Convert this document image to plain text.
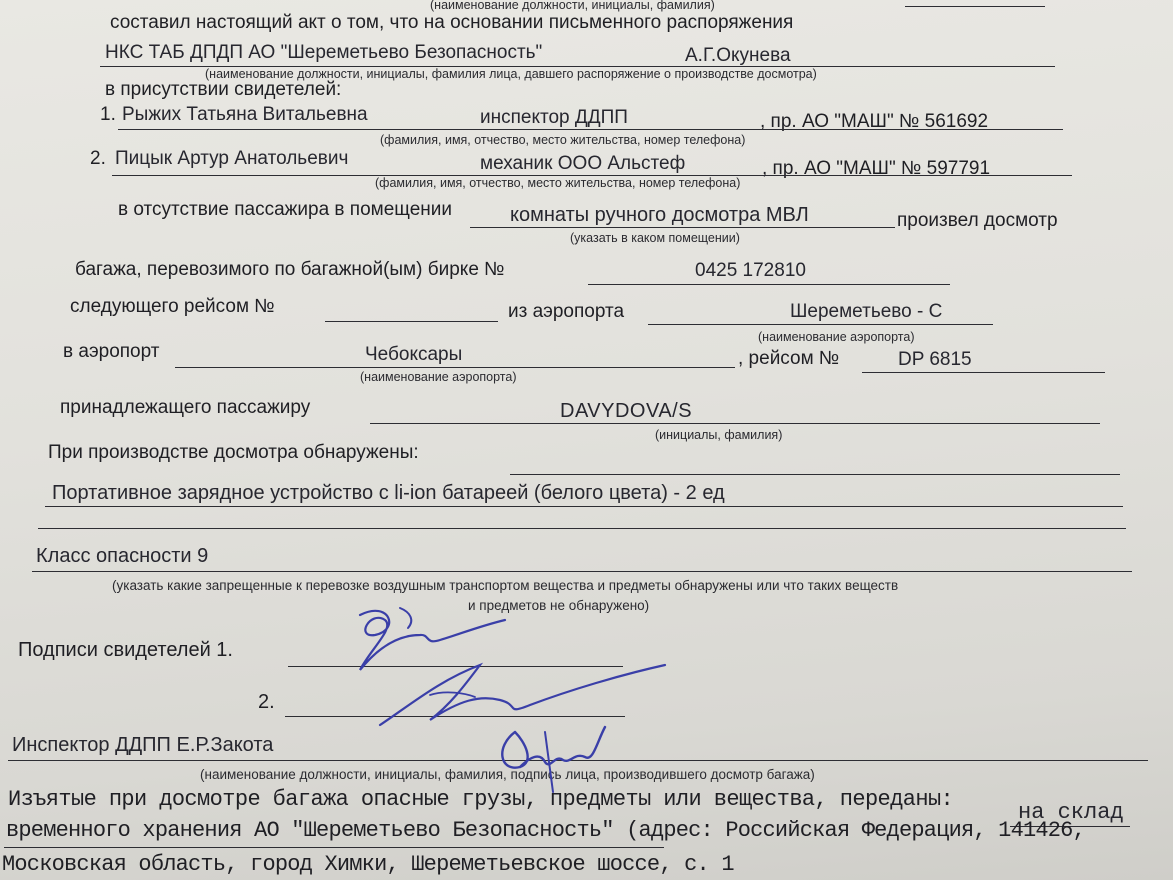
(наименование должности, инициалы, фамилия)
составил настоящий акт о том, что на основании письменного распоряжения
НКС ТАБ ДПДП АО "Шереметьево Безопасность"	А.Г.Окунева
(наименование должности, инициалы, фамилия лица, давшего распоряжение о производстве досмотра)
в присутствии свидетелей:
1. Рыжих Татьяна Витальевна	инспектор ДДПП	, пр. АО "МАШ" № 561692
(фамилия, имя, отчество, место жительства, номер телефона)
2. Пицык Артур Анатольевич	механик ООО Альстеф	, пр. АО "МАШ" № 597791
(фамилия, имя, отчество, место жительства, номер телефона)
в отсутствие пассажира в помещении	комнаты ручного досмотра МВЛ	произвел досмотр
(указать в каком помещении)
багажа, перевозимого по багажной(ым) бирке №	0425 172810
следующего рейсом №	из аэропорта	Шереметьево - С
(наименование аэропорта)
в аэропорт	Чебоксары	, рейсом №	DP 6815
(наименование аэропорта)
принадлежащего пассажиру	DAVYDOVA/S
(инициалы, фамилия)
При производстве досмотра обнаружены:
Портативное зарядное устройство с li-ion батареей (белого цвета) - 2 ед
Класс опасности 9
(указать какие запрещенные к перевозке воздушным транспортом вещества и предметы обнаружены или что таких веществ
и предметов не обнаружено)
Подписи свидетелей 1.
2.
Инспектор ДДПП Е.Р.Закота
(наименование должности, инициалы, фамилия, подпись лица, производившего досмотр багажа)
Изъятые при досмотре багажа опасные грузы, предметы или вещества, переданы:
на склад
временного хранения АО "Шереметьево Безопасность" (адрес: Российская Федерация, 141426,
Московская область, город Химки, Шереметьевское шоссе, с. 1
